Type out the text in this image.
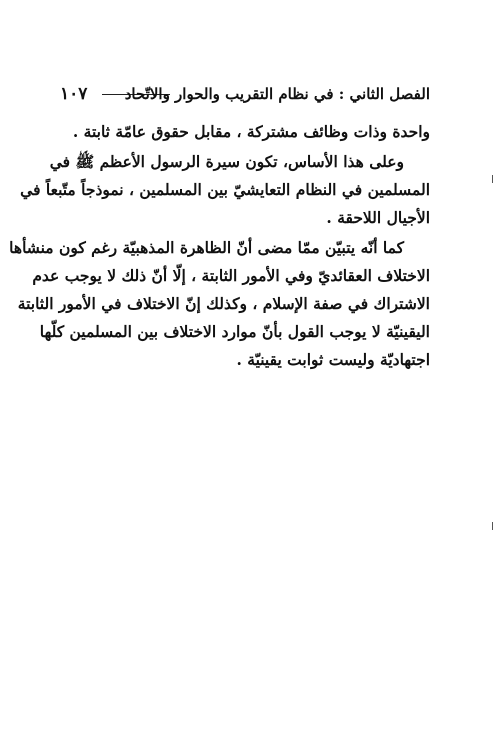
١٠٧ الفصل الثاني : في نظام التقريب والحوار والاتّحاد

واحدة وذات وظائف مشتركة ، مقابل حقوق عامّة ثابتة .

وعلى هذا الأساس، تكون سيرة الرسول الأعظم ﷺ في
المسلمين في النظام التعايشيّ بين المسلمين ، نموذجاً متّبعاً في
الأجيال اللاحقة .

كما أنّه يتبيّن ممّا مضى أنّ الظاهرة المذهبيّة رغم كون منشأها
الاختلاف العقائديّ وفي الأمور الثابتة ، إلّا أنّ ذلك لا يوجب عدم
الاشتراك في صفة الإسلام ، وكذلك إنّ الاختلاف في الأمور الثابتة
اليقينيّة لا يوجب القول بأنّ موارد الاختلاف بين المسلمين كلّها
اجتهاديّة وليست ثوابت يقينيّة .
